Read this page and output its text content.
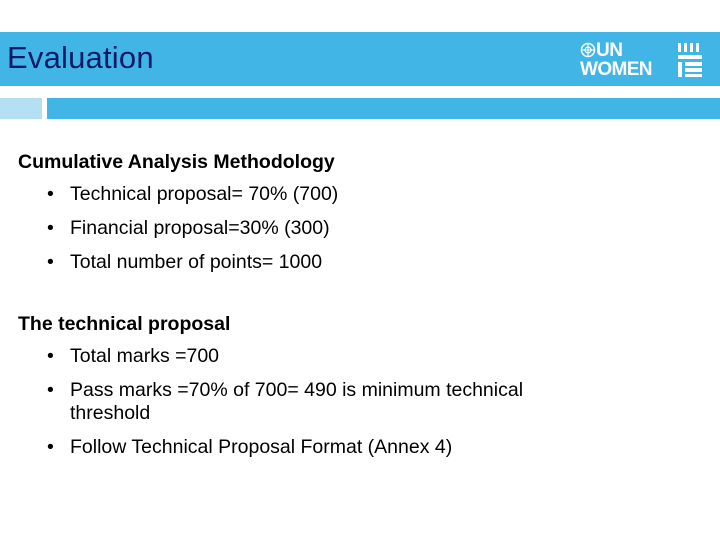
Evaluation	UN
WOMEN

Cumulative Analysis Methodology

• Technical proposal= 70% (700)
• Financial proposal=30% (300)
• Total number of points= 1000

The technical proposal

• Total marks =700
• Pass marks =70% of 700= 490 is minimum technical threshold
• Follow Technical Proposal Format (Annex 4)
